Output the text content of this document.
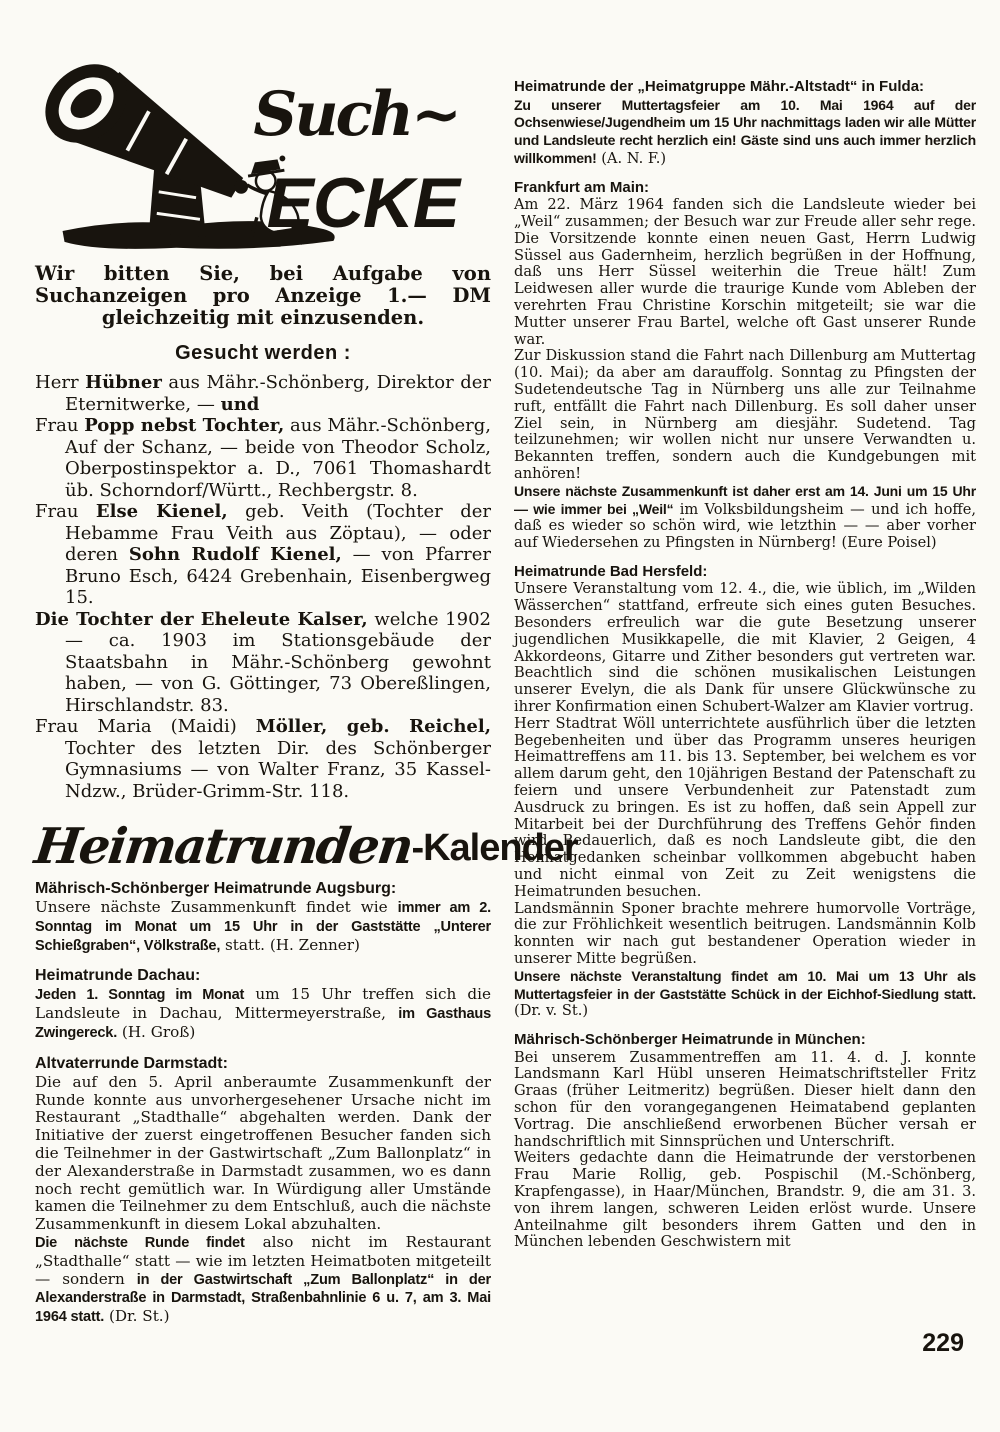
Such~
ECKE

Wir bitten Sie, bei Aufgabe von Suchanzeigen pro Anzeige 1.— DM gleichzeitig mit einzusenden.

Gesucht werden :

Herr Hübner aus Mähr.-Schönberg, Direktor der Eternitwerke, — und

Frau Popp nebst Tochter, aus Mähr.-Schönberg, Auf der Schanz, — beide von Theodor Scholz, Oberpostinspektor a. D., 7061 Thomashardt üb. Schorndorf/Württ., Rechbergstr. 8.

Frau Else Kienel, geb. Veith (Tochter der Hebamme Frau Veith aus Zöptau), — oder deren Sohn Rudolf Kienel, — von Pfarrer Bruno Esch, 6424 Grebenhain, Eisenbergweg 15.

Die Tochter der Eheleute Kalser, welche 1902 — ca. 1903 im Stationsgebäude der Staatsbahn in Mähr.-Schönberg gewohnt haben, — von G. Göttinger, 73 Obereßlingen, Hirschlandstr. 83.

Frau Maria (Maidi) Möller, geb. Reichel, Tochter des letzten Dir. des Schönberger Gymnasiums — von Walter Franz, 35 Kassel-Ndzw., Brüder-Grimm-Str. 118.

Heimatrunden-Kalender
Mährisch-Schönberger Heimatrunde Augsburg:

Unsere nächste Zusammenkunft findet wie immer am 2. Sonntag im Monat um 15 Uhr in der Gaststätte „Unterer Schießgraben“, Völkstraße, statt. (H. Zenner)

Heimatrunde Dachau:

Jeden 1. Sonntag im Monat um 15 Uhr treffen sich die Landsleute in Dachau, Mittermeyerstraße, im Gasthaus Zwingereck. (H. Groß)

Altvaterrunde Darmstadt:

Die auf den 5. April anberaumte Zusammenkunft der Runde konnte aus unvorhergesehener Ursache nicht im Restaurant „Stadthalle“ abgehalten werden. Dank der Initiative der zuerst eingetroffenen Besucher fanden sich die Teilnehmer in der Gastwirtschaft „Zum Ballonplatz“ in der Alexanderstraße in Darmstadt zusammen, wo es dann noch recht gemütlich war. In Würdigung aller Umstände kamen die Teilnehmer zu dem Entschluß, auch die nächste Zusammenkunft in diesem Lokal abzuhalten.

Die nächste Runde findet also nicht im Restaurant „Stadthalle“ statt — wie im letzten Heimatboten mitgeteilt — sondern in der Gastwirtschaft „Zum Ballonplatz“ in der Alexanderstraße in Darmstadt, Straßenbahnlinie 6 u. 7, am 3. Mai 1964 statt. (Dr. St.)

Heimatrunde der „Heimatgruppe Mähr.-Altstadt“ in Fulda:

Zu unserer Muttertagsfeier am 10. Mai 1964 auf der Ochsenwiese/Jugendheim um 15 Uhr nachmittags laden wir alle Mütter und Landsleute recht herzlich ein! Gäste sind uns auch immer herzlich willkommen! (A. N. F.)

Frankfurt am Main:

Am 22. März 1964 fanden sich die Landsleute wieder bei „Weil“ zusammen; der Besuch war zur Freude aller sehr rege. Die Vorsitzende konnte einen neuen Gast, Herrn Ludwig Süssel aus Gadernheim, herzlich begrüßen in der Hoffnung, daß uns Herr Süssel weiterhin die Treue hält! Zum Leidwesen aller wurde die traurige Kunde vom Ableben der verehrten Frau Christine Korschin mitgeteilt; sie war die Mutter unserer Frau Bartel, welche oft Gast unserer Runde war.

Zur Diskussion stand die Fahrt nach Dillenburg am Muttertag (10. Mai); da aber am darauffolg. Sonntag zu Pfingsten der Sudetendeutsche Tag in Nürnberg uns alle zur Teilnahme ruft, entfällt die Fahrt nach Dillenburg. Es soll daher unser Ziel sein, in Nürnberg am diesjähr. Sudetend. Tag teilzunehmen; wir wollen nicht nur unsere Verwandten u. Bekannten treffen, sondern auch die Kundgebungen mit anhören!

Unsere nächste Zusammenkunft ist daher erst am 14. Juni um 15 Uhr — wie immer bei „Weil“ im Volksbildungsheim — und ich hoffe, daß es wieder so schön wird, wie letzthin — — aber vorher auf Wiedersehen zu Pfingsten in Nürnberg! (Eure Poisel)

Heimatrunde Bad Hersfeld:

Unsere Veranstaltung vom 12. 4., die, wie üblich, im „Wilden Wässerchen“ stattfand, erfreute sich eines guten Besuches. Besonders erfreulich war die gute Besetzung unserer jugendlichen Musikkapelle, die mit Klavier, 2 Geigen, 4 Akkordeons, Gitarre und Zither besonders gut vertreten war. Beachtlich sind die schönen musikalischen Leistungen unserer Evelyn, die als Dank für unsere Glückwünsche zu ihrer Konfirmation einen Schubert-Walzer am Klavier vortrug.

Herr Stadtrat Wöll unterrichtete ausführlich über die letzten Begebenheiten und über das Programm unseres heurigen Heimattreffens am 11. bis 13. September, bei welchem es vor allem darum geht, den 10jährigen Bestand der Patenschaft zu feiern und unsere Verbundenheit zur Patenstadt zum Ausdruck zu bringen. Es ist zu hoffen, daß sein Appell zur Mitarbeit bei der Durchführung des Treffens Gehör finden wird. Bedauerlich, daß es noch Landsleute gibt, die den Heimatgedanken scheinbar vollkommen abgebucht haben und nicht einmal von Zeit zu Zeit wenigstens die Heimatrunden besuchen.

Landsmännin Sponer brachte mehrere humorvolle Vorträge, die zur Fröhlichkeit wesentlich beitrugen. Landsmännin Kolb konnten wir nach gut bestandener Operation wieder in unserer Mitte begrüßen.

Unsere nächste Veranstaltung findet am 10. Mai um 13 Uhr als Muttertagsfeier in der Gaststätte Schück in der Eichhof-Siedlung statt. (Dr. v. St.)

Mährisch-Schönberger Heimatrunde in München:

Bei unserem Zusammentreffen am 11. 4. d. J. konnte Landsmann Karl Hübl unseren Heimatschriftsteller Fritz Graas (früher Leitmeritz) begrüßen. Dieser hielt dann den schon für den vorangegangenen Heimatabend geplanten Vortrag. Die anschließend erworbenen Bücher versah er handschriftlich mit Sinnsprüchen und Unterschrift.

Weiters gedachte dann die Heimatrunde der verstorbenen Frau Marie Rollig, geb. Pospischil (M.-Schönberg, Krapfengasse), in Haar/München, Brandstr. 9, die am 31. 3. von ihrem langen, schweren Leiden erlöst wurde. Unsere Anteilnahme gilt besonders ihrem Gatten und den in München lebenden Geschwistern mit

229
